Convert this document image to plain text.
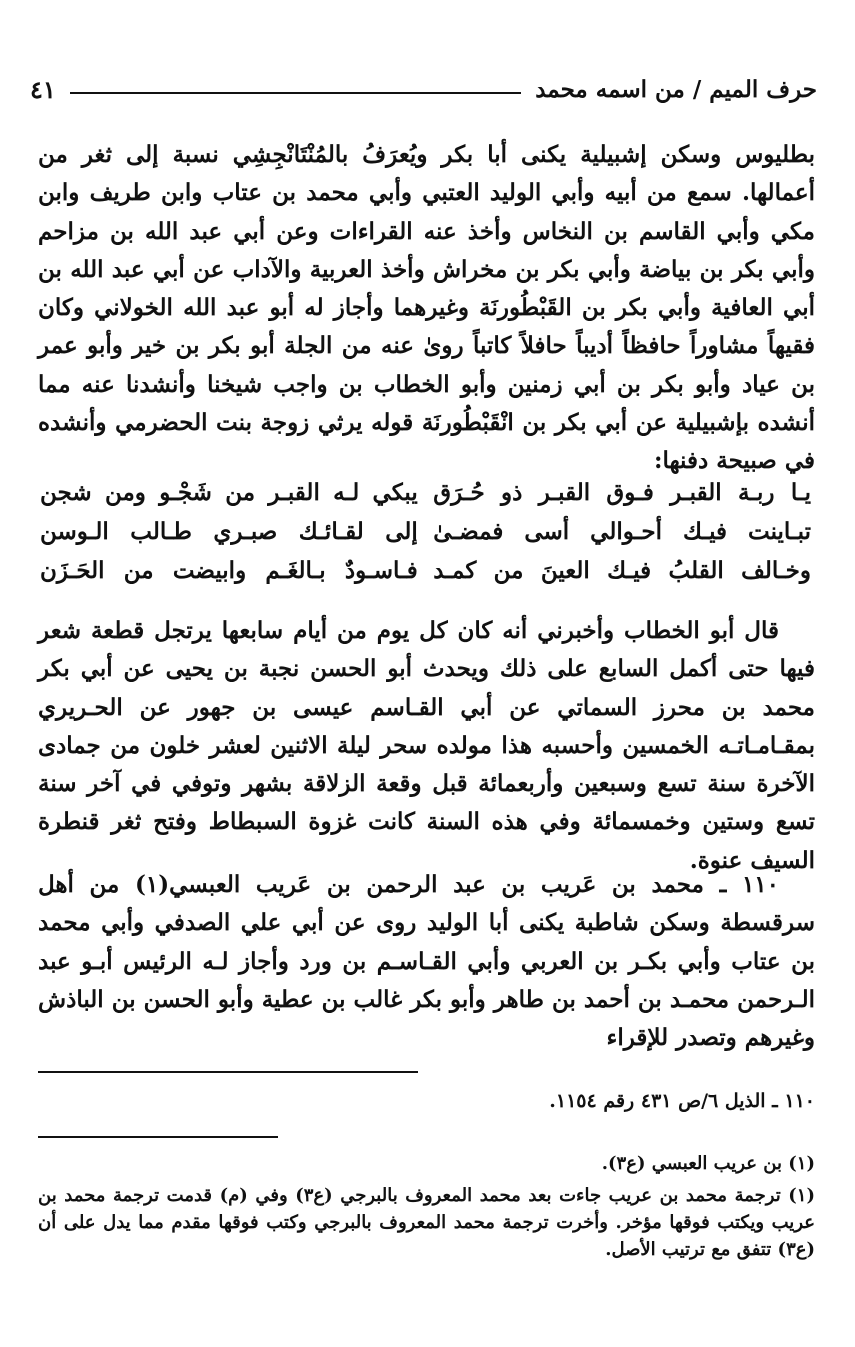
حرف الميم / من اسمه محمد
٤١

بطليوس وسكن إشبيلية يكنى أبا بكر ويُعرَفُ بالمُنْتَانْجِشِي نسبة إلى ثغر من أعمالها. سمع من أبيه وأبي الوليد العتبي وأبي محمد بن عتاب وابن طريف وابن مكي وأبي القاسم بن النخاس وأخذ عنه القراءات وعن أبي عبد الله بن مزاحم وأبي بكر بن بياضة وأبي بكر بن مخراش وأخذ العربية والآداب عن أبي عبد الله بن أبي العافية وأبي بكر بن القَبْطُورنَة وغيرهما وأجاز له أبو عبد الله الخولاني وكان فقيهاً مشاوراً حافظاً أديباً حافلاً كاتباً روىٰ عنه من الجلة أبو بكر بن خير وأبو عمر بن عياد وأبو بكر بن أبي زمنين وأبو الخطاب بن واجب شيخنا وأنشدنا عنه مما أنشده بإشبيلية عن أبي بكر بن انْقَبْطُورنَة قوله يرثي زوجة بنت الحضرمي وأنشده في صبيحة دفنها:

يـا ربـة القبـر فـوق القبـر ذو حُـرَق
يبكي لـه القبـر من شَجْـو ومن شجن
تبـاينت فيـك أحـوالي أسى فمضـىٰ
إلى لقـائـك صبـري طـالب الـوسن
وخـالف القلبُ فيـك العينَ من كمـد
فـاسـودٌ بـالغَـم وابيضت من الحَـزَن

قال أبو الخطاب وأخبرني أنه كان كل يوم من أيام سابعها يرتجل قطعة شعر فيها حتى أكمل السابع على ذلك ويحدث أبو الحسن نجبة بن يحيى عن أبي بكر محمد بن محرز السماتي عن أبي القـاسم عيسى بن جهور عن الحـريري بمقـامـاتـه الخمسين وأحسبه هذا مولده سحر ليلة الاثنين لعشر خلون من جمادى الآخرة سنة تسع وسبعين وأربعمائة قبل وقعة الزلاقة بشهر وتوفي في آخر سنة تسع وستين وخمسمائة وفي هذه السنة كانت غزوة السبطاط وفتح ثغر قنطرة السيف عنوة.

١١٠ ـ محمد بن عَريب بن عبد الرحمن بن عَريب العبسي(١) من أهل سرقسطة وسكن شاطبة يكنى أبا الوليد روى عن أبي علي الصدفي وأبي محمد بن عتاب وأبي بكـر بن العربي وأبي القـاسـم بن ورد وأجاز لـه الرئيس أبـو عبد الـرحمن محمـد بن أحمد بن طاهر وأبو بكر غالب بن عطية وأبو الحسن بن الباذش وغيرهم وتصدر للإقراء

١١٠ ـ الذيل ٦/ص ٤٣١ رقم ١١٥٤.
(١) بن عريب العبسي (ع٣).
(١) ترجمة محمد بن عريب جاءت بعد محمد المعروف بالبرجي (ع٣) وفي (م) قدمت ترجمة محمد بن عريب ويكتب فوقها مؤخر. وأخرت ترجمة محمد المعروف بالبرجي وكتب فوقها مقدم مما يدل على أن (ع٣) تتفق مع ترتيب الأصل.
